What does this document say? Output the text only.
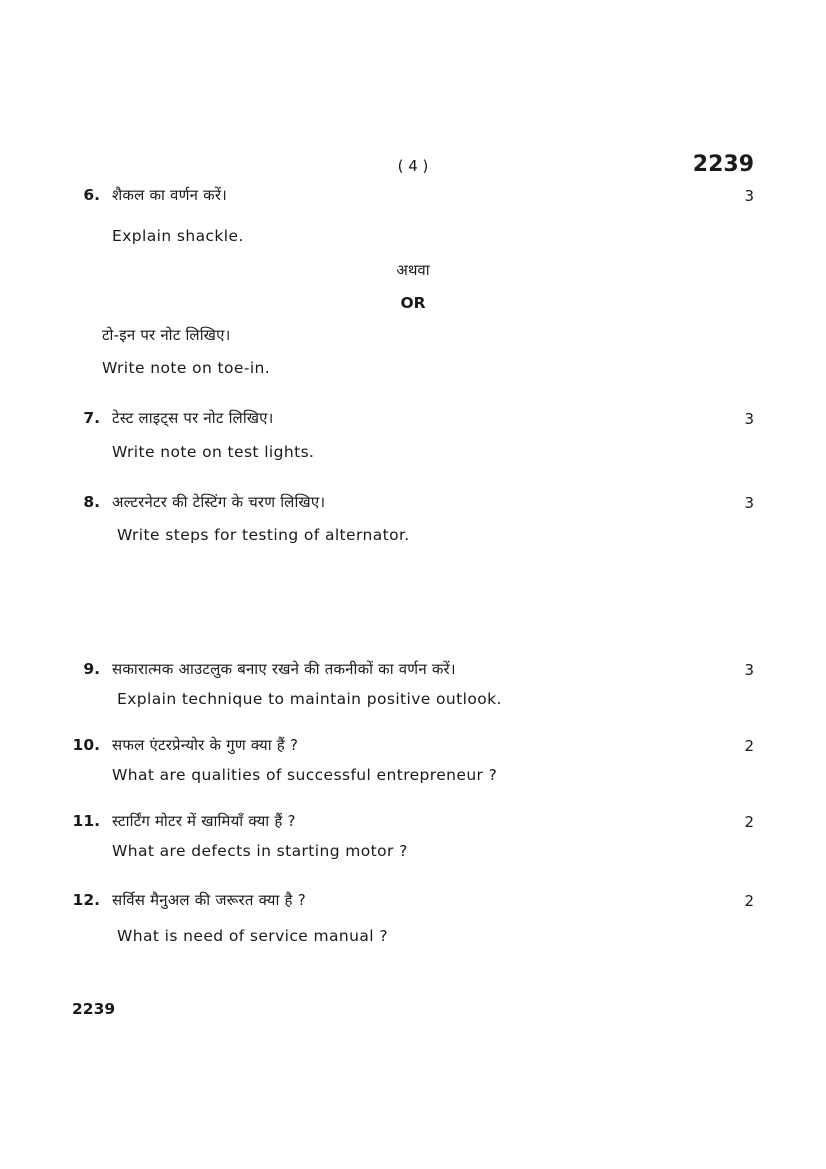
( 4 )	2239
6. शैकल का वर्णन करें।	3
Explain shackle.
अथवा
OR
टो-इन पर नोट लिखिए।
Write note on toe-in.
7. टेस्ट लाइट्स पर नोट लिखिए।	3
Write note on test lights.
8. अल्टरनेटर की टेस्टिंग के चरण लिखिए।	3
Write steps for testing of alternator.
9. सकारात्मक आउटलुक बनाए रखने की तकनीकों का वर्णन करें।	3
Explain technique to maintain positive outlook.
10. सफल एंटरप्रेन्योर के गुण क्या हैं ?	2
What are qualities of successful entrepreneur ?
11. स्टार्टिंग मोटर में खामियाँ क्या हैं ?	2
What are defects in starting motor ?
12. सर्विस मैनुअल की जरूरत क्या है ?	2
What is need of service manual ?
2239
